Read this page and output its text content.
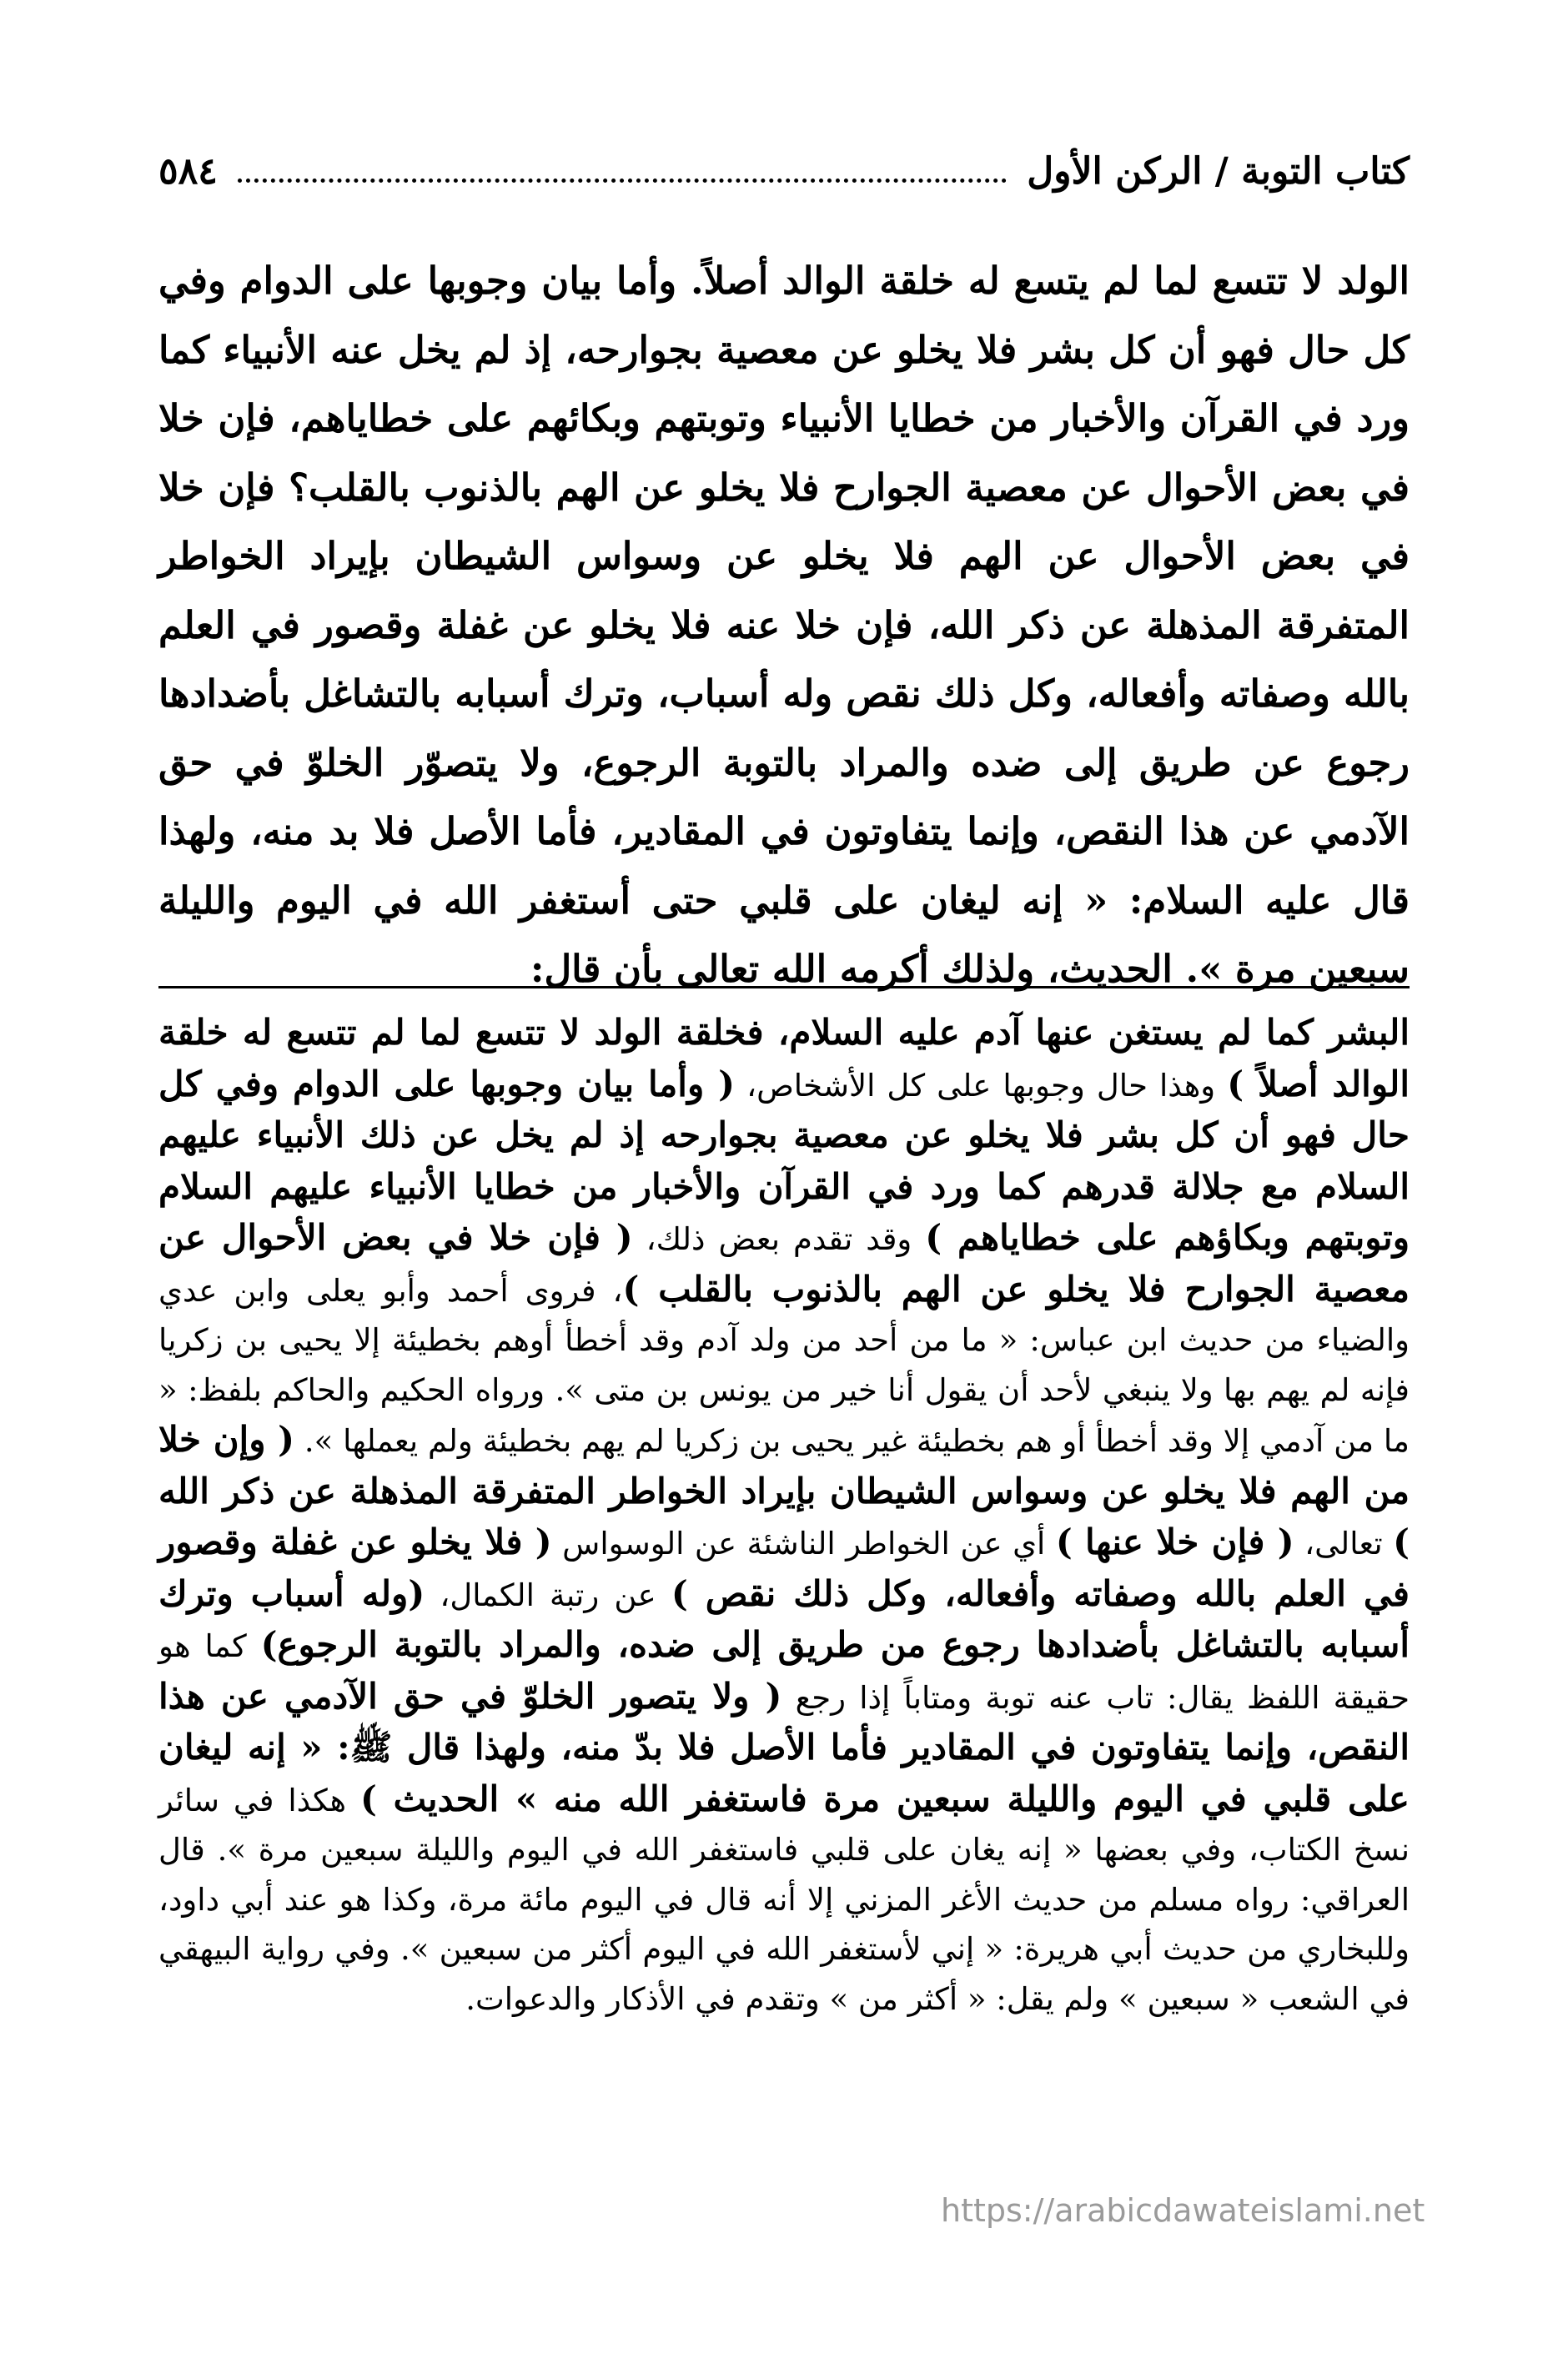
كتاب التوبة / الركن الأول
٥٨٤

الولد لا تتسع لما لم يتسع له خلقة الوالد أصلاً. وأما بيان وجوبها على الدوام وفي كل حال فهو أن كل بشر فلا يخلو عن معصية بجوارحه، إذ لم يخل عنه الأنبياء كما ورد في القرآن والأخبار من خطايا الأنبياء وتوبتهم وبكائهم على خطاياهم، فإن خلا في بعض الأحوال عن معصية الجوارح فلا يخلو عن الهم بالذنوب بالقلب؟ فإن خلا في بعض الأحوال عن الهم فلا يخلو عن وسواس الشيطان بإيراد الخواطر المتفرقة المذهلة عن ذكر الله، فإن خلا عنه فلا يخلو عن غفلة وقصور في العلم بالله وصفاته وأفعاله، وكل ذلك نقص وله أسباب، وترك أسبابه بالتشاغل بأضدادها رجوع عن طريق إلى ضده والمراد بالتوبة الرجوع، ولا يتصوّر الخلوّ في حق الآدمي عن هذا النقص، وإنما يتفاوتون في المقادير، فأما الأصل فلا بد منه، ولهذا قال عليه السلام: « إنه ليغان على قلبي حتى أستغفر الله في اليوم والليلة سبعين مرة ». الحديث، ولذلك أكرمه الله تعالى بأن قال:

البشر كما لم يستغن عنها آدم عليه السلام، فخلقة الولد لا تتسع لما لم تتسع له خلقة الوالد أصلاً ) وهذا حال وجوبها على كل الأشخاص، ( وأما بيان وجوبها على الدوام وفي كل حال فهو أن كل بشر فلا يخلو عن معصية بجوارحه إذ لم يخل عن ذلك الأنبياء عليهم السلام مع جلالة قدرهم كما ورد في القرآن والأخبار من خطايا الأنبياء عليهم السلام وتوبتهم وبكاؤهم على خطاياهم ) وقد تقدم بعض ذلك، ( فإن خلا في بعض الأحوال عن معصية الجوارح فلا يخلو عن الهم بالذنوب بالقلب )، فروى أحمد وأبو يعلى وابن عدي والضياء من حديث ابن عباس: « ما من أحد من ولد آدم وقد أخطأ أوهم بخطيئة إلا يحيى بن زكريا فإنه لم يهم بها ولا ينبغي لأحد أن يقول أنا خير من يونس بن متى ». ورواه الحكيم والحاكم بلفظ: « ما من آدمي إلا وقد أخطأ أو هم بخطيئة غير يحيى بن زكريا لم يهم بخطيئة ولم يعملها ». ( وإن خلا من الهم فلا يخلو عن وسواس الشيطان بإيراد الخواطر المتفرقة المذهلة عن ذكر الله ) تعالى، ( فإن خلا عنها ) أي عن الخواطر الناشئة عن الوسواس ( فلا يخلو عن غفلة وقصور في العلم بالله وصفاته وأفعاله، وكل ذلك نقص ) عن رتبة الكمال، (وله أسباب وترك أسبابه بالتشاغل بأضدادها رجوع من طريق إلى ضده، والمراد بالتوبة الرجوع) كما هو حقيقة اللفظ يقال: تاب عنه توبة ومتاباً إذا رجع ( ولا يتصور الخلوّ في حق الآدمي عن هذا النقص، وإنما يتفاوتون في المقادير فأما الأصل فلا بدّ منه، ولهذا قال ﷺ: « إنه ليغان على قلبي في اليوم والليلة سبعين مرة فاستغفر الله منه » الحديث ) هكذا في سائر نسخ الكتاب، وفي بعضها « إنه يغان على قلبي فاستغفر الله في اليوم والليلة سبعين مرة ». قال العراقي: رواه مسلم من حديث الأغر المزني إلا أنه قال في اليوم مائة مرة، وكذا هو عند أبي داود، وللبخاري من حديث أبي هريرة: « إني لأستغفر الله في اليوم أكثر من سبعين ». وفي رواية البيهقي في الشعب « سبعين » ولم يقل: « أكثر من » وتقدم في الأذكار والدعوات.

https://arabicdawateislami.net
